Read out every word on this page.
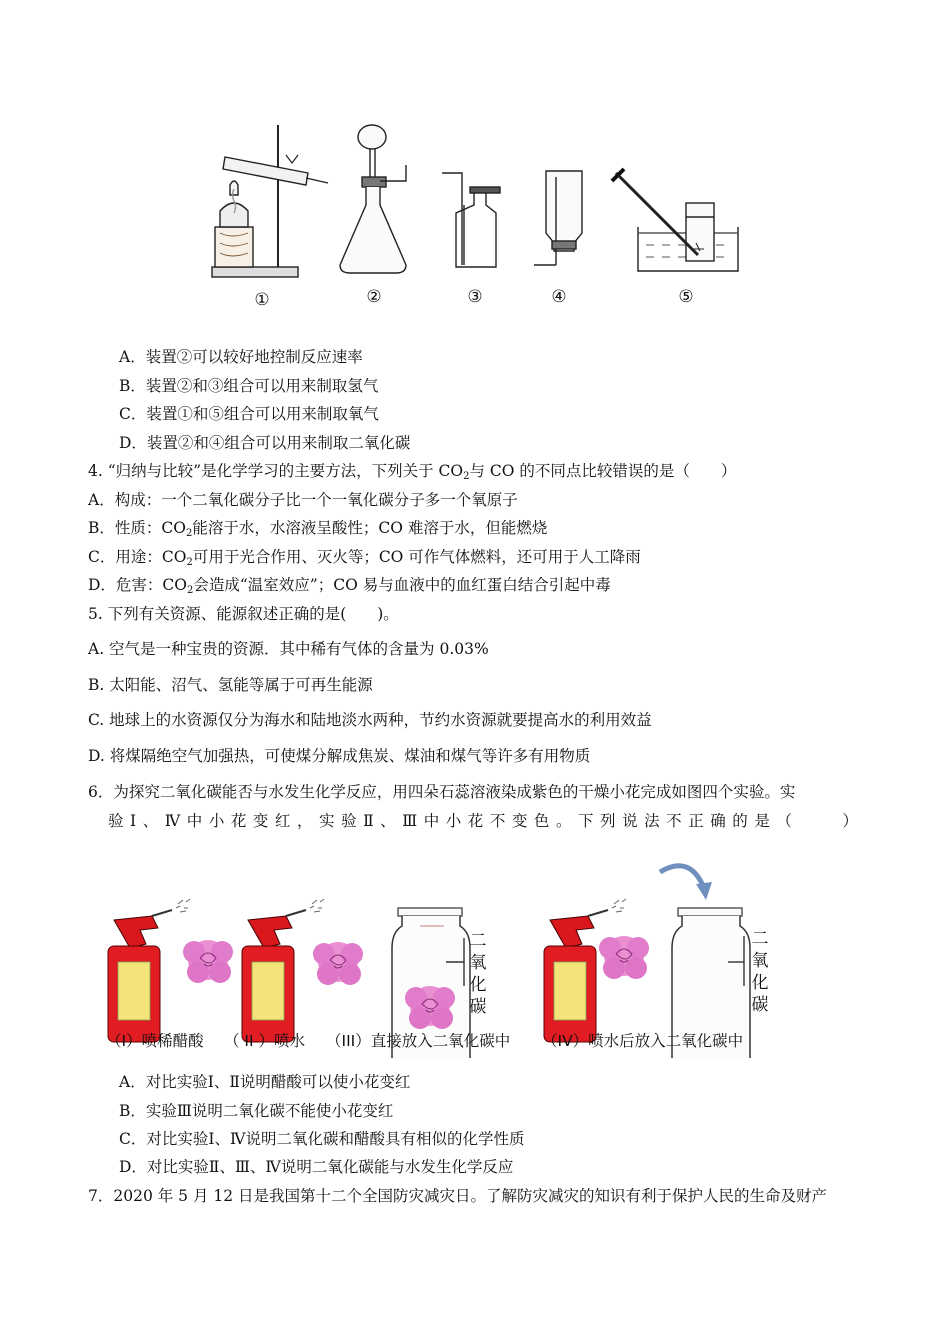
①	②	③	④	⑤
A．装置②可以较好地控制反应速率
B．装置②和③组合可以用来制取氢气
C．装置①和⑤组合可以用来制取氧气
D．装置②和④组合可以用来制取二氧化碳
4. “归纳与比较”是化学学习的主要方法，下列关于 $CO_2$与 CO 的不同点比较错误的是（　　）
A．构成：一个二氧化碳分子比一个一氧化碳分子多一个氧原子
B．性质：$CO_2$能溶于水，水溶液呈酸性；CO 难溶于水，但能燃烧
C．用途：$CO_2$可用于光合作用、灭火等；CO 可作气体燃料，还可用于人工降雨
D．危害：$CO_2$会造成“温室效应”；CO 易与血液中的血红蛋白结合引起中毒
5. 下列有关资源、能源叙述正确的是(　　)。
A. 空气是一种宝贵的资源．其中稀有气体的含量为 0.03%
B. 太阳能、沼气、氢能等属于可再生能源
C. 地球上的水资源仅分为海水和陆地淡水两种，节约水资源就要提高水的利用效益
D. 将煤隔绝空气加强热，可使煤分解成焦炭、煤油和煤气等许多有用物质
6．为探究二氧化碳能否与水发生化学反应，用四朵石蕊溶液染成紫色的干燥小花完成如图四个实验。实
验Ⅰ、Ⅳ中小花变红，实验Ⅱ、Ⅲ中小花不变色。下列说法不正确的是（　　）
二
氧
化
碳
二
氧
化
碳
（I）喷稀醋酸 （ II ）喷水 （III）直接放入二氧化碳中 （IV）喷水后放入二氧化碳中
A．对比实验Ⅰ、Ⅱ说明醋酸可以使小花变红
B．实验Ⅲ说明二氧化碳不能使小花变红
C．对比实验Ⅰ、Ⅳ说明二氧化碳和醋酸具有相似的化学性质
D．对比实验Ⅱ、Ⅲ、Ⅳ说明二氧化碳能与水发生化学反应
7．2020 年 5 月 12 日是我国第十二个全国防灾减灾日。了解防灾减灾的知识有利于保护人民的生命及财产
